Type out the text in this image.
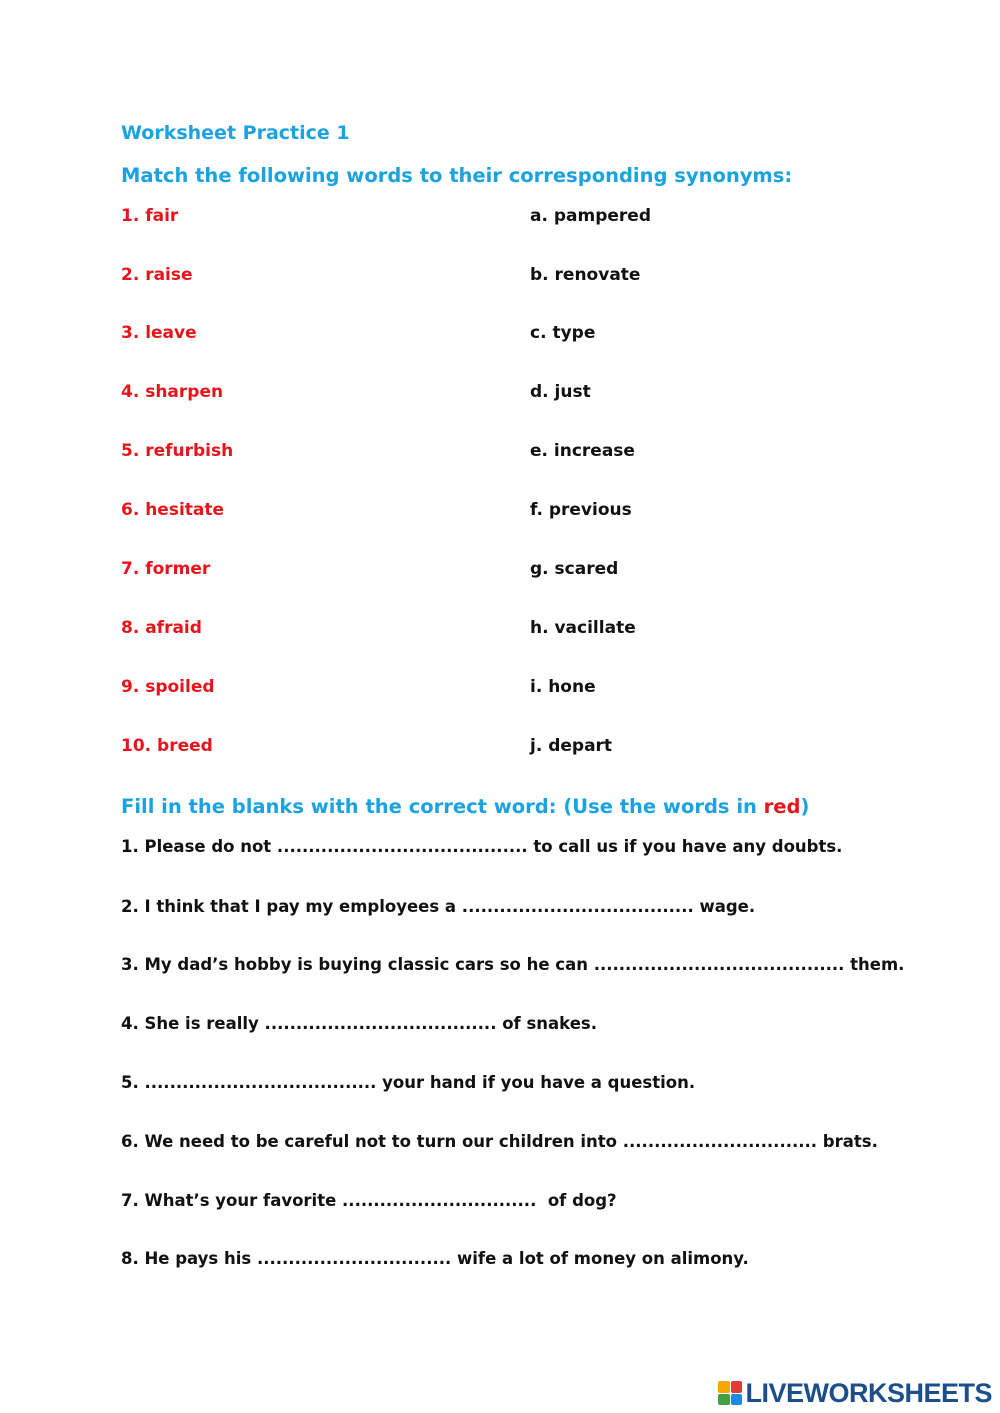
Worksheet Practice 1
Match the following words to their corresponding synonyms:
1. fair
2. raise
3. leave
4. sharpen
5. refurbish
6. hesitate
7. former
8. afraid
9. spoiled
10. breed
a. pampered
b. renovate
c. type
d. just
e. increase
f. previous
g. scared
h. vacillate
i. hone
j. depart
Fill in the blanks with the correct word: (Use the words in red)
1. Please do not ........................................ to call us if you have any doubts.
2. I think that I pay my employees a ..................................... wage.
3. My dad’s hobby is buying classic cars so he can ........................................ them.
4. She is really ..................................... of snakes.
5. ..................................... your hand if you have a question.
6. We need to be careful not to turn our children into ............................... brats.
7. What’s your favorite ...............................  of dog?
8. He pays his ............................... wife a lot of money on alimony.
LIVEWORKSHEETS
